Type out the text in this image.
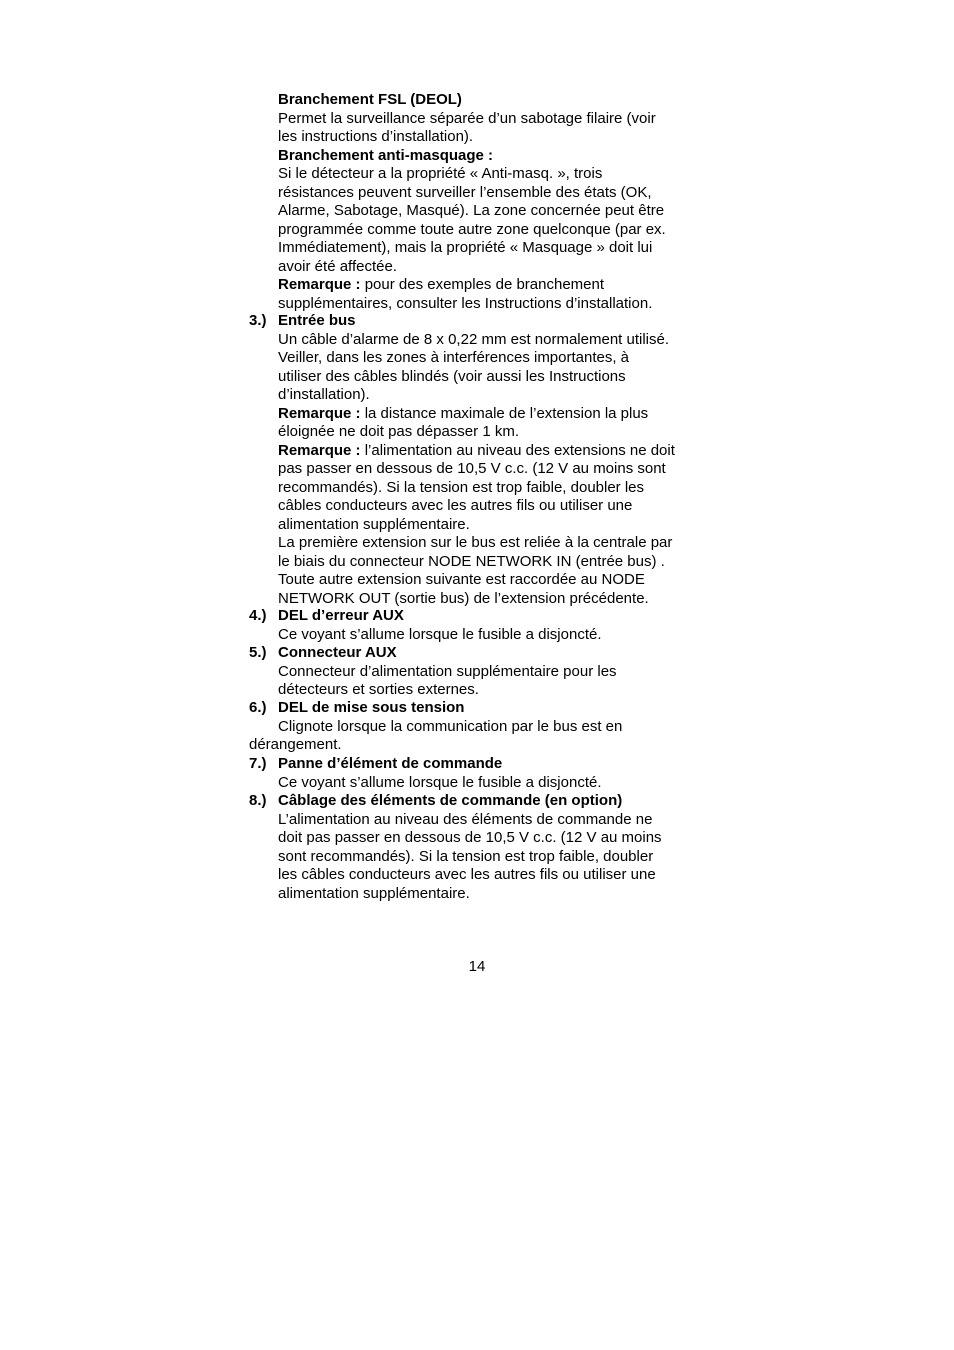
Branchement FSL (DEOL)
Permet la surveillance séparée d’un sabotage filaire (voir
les instructions d’installation).
Branchement anti-masquage :
Si le détecteur a la propriété « Anti-masq. », trois
résistances peuvent surveiller l’ensemble des états (OK,
Alarme, Sabotage, Masqué). La zone concernée peut être
programmée comme toute autre zone quelconque (par ex.
Immédiatement), mais la propriété « Masquage » doit lui
avoir été affectée.
Remarque : pour des exemples de branchement
supplémentaires, consulter les Instructions d’installation.
3.) Entrée bus
Un câble d’alarme de 8 x 0,22 mm est normalement utilisé.
Veiller, dans les zones à interférences importantes, à
utiliser des câbles blindés (voir aussi les Instructions
d’installation).
Remarque : la distance maximale de l’extension la plus
éloignée ne doit pas dépasser 1 km.
Remarque : l’alimentation au niveau des extensions ne doit
pas passer en dessous de 10,5 V c.c. (12 V au moins sont
recommandés). Si la tension est trop faible, doubler les
câbles conducteurs avec les autres fils ou utiliser une
alimentation supplémentaire.
La première extension sur le bus est reliée à la centrale par
le biais du connecteur NODE NETWORK IN (entrée bus) .
Toute autre extension suivante est raccordée au NODE
NETWORK OUT (sortie bus) de l’extension précédente.
4.) DEL d’erreur AUX
Ce voyant s’allume lorsque le fusible a disjoncté.
5.) Connecteur AUX
Connecteur d’alimentation supplémentaire pour les
détecteurs et sorties externes.
6.) DEL de mise sous tension
Clignote lorsque la communication par le bus est en
dérangement.
7.) Panne d’élément de commande
Ce voyant s’allume lorsque le fusible a disjoncté.
8.) Câblage des éléments de commande (en option)
L’alimentation au niveau des éléments de commande ne
doit pas passer en dessous de 10,5 V c.c. (12 V au moins
sont recommandés). Si la tension est trop faible, doubler
les câbles conducteurs avec les autres fils ou utiliser une
alimentation supplémentaire.
14
